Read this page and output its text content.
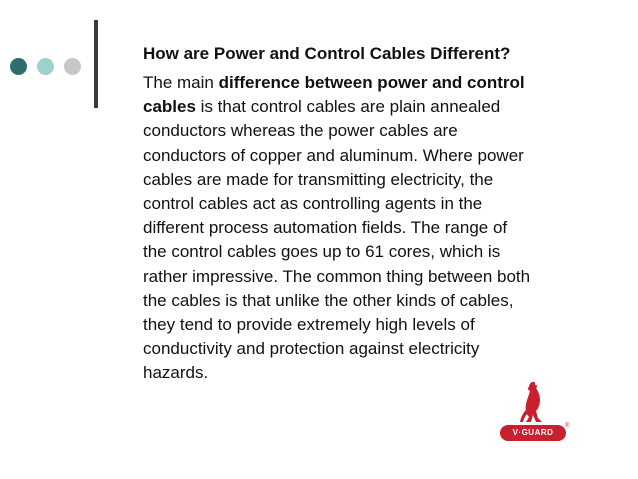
How are Power and Control Cables Different?

The main difference between power and control
cables is that control cables are plain annealed
conductors whereas the power cables are
conductors of copper and aluminum. Where power
cables are made for transmitting electricity, the
control cables act as controlling agents in the
different process automation fields. The range of
the control cables goes up to 61 cores, which is
rather impressive. The common thing between both
the cables is that unlike the other kinds of cables,
they tend to provide extremely high levels of
conductivity and protection against electricity
hazards.

V·GUARD
®
